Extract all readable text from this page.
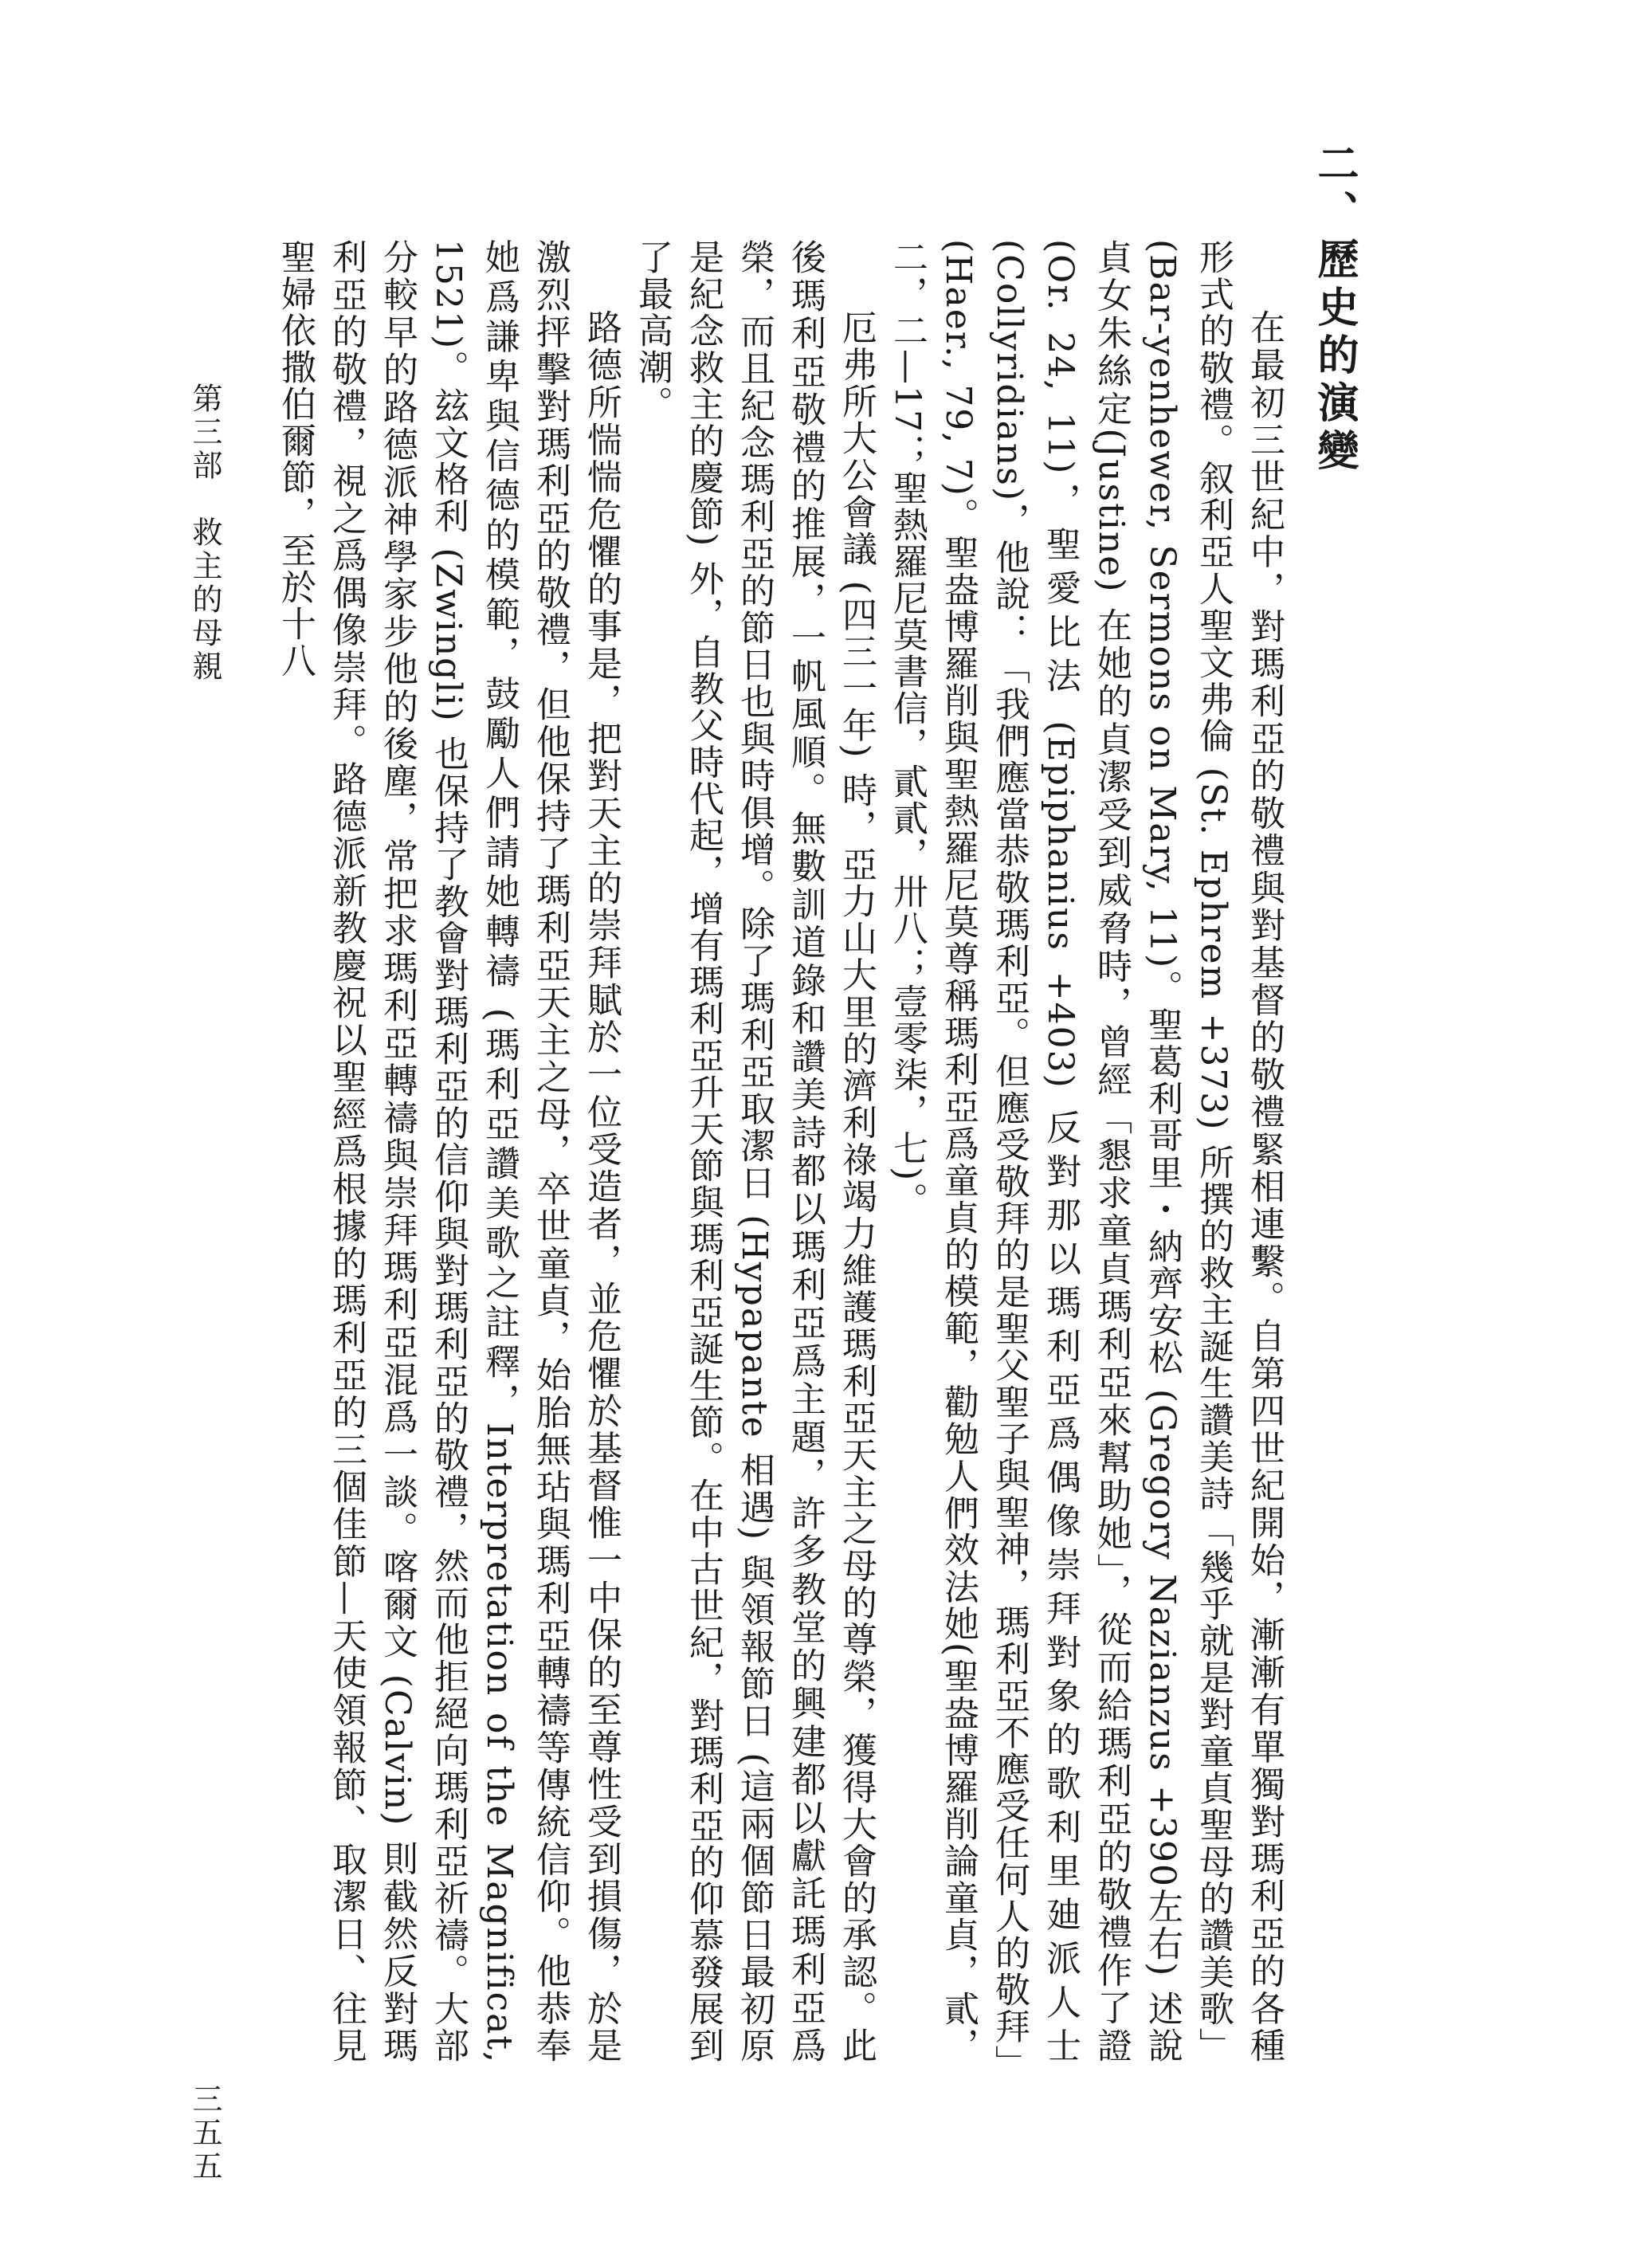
二、歷史的演變

在最初三世紀中，對瑪利亞的敬禮與對基督的敬禮緊相連繫。自第四世紀開始，漸漸有單獨對瑪利亞的各種形式的敬禮。叙利亞人聖文弗倫 (St. Ephrem +373) 所撰的救主誕生讚美詩「幾乎就是對童貞聖母的讚美歌」(Bar-yenhewer, Sermons on Mary, 11)。聖葛利哥里・納齊安松 (Gregory Nazianzus +390左右) 述說貞女朱絲定(Justine) 在她的貞潔受到威脅時，曾經「懇求童貞瑪利亞來幫助她」，從而給瑪利亞的敬禮作了證 (Or. 24, 11)，聖愛比法 (Epiphanius +403) 反對那以瑪利亞爲偶像崇拜對象的歌利里廸派人士 (Collyridians)，他說：「我們應當恭敬瑪利亞。但應受敬拜的是聖父聖子與聖神，瑪利亞不應受任何人的敬拜」(Haer., 79, 7)。聖盎博羅削與聖熱羅尼莫尊稱瑪利亞爲童貞的模範，勸勉人們效法她(聖盎博羅削論童貞，貳，二，二—17；聖熱羅尼莫書信，貳貳，卅八；壹零柒，七)。

厄弗所大公會議 (四三一年) 時，亞力山大里的濟利祿竭力維護瑪利亞天主之母的尊榮，獲得大會的承認。此後瑪利亞敬禮的推展，一帆風順。無數訓道錄和讚美詩都以瑪利亞爲主題，許多教堂的興建都以獻託瑪利亞爲榮，而且紀念瑪利亞的節日也與時俱增。除了瑪利亞取潔日 (Hypapante 相遇) 與領報節日 (這兩個節日最初原是紀念救主的慶節) 外，自教父時代起，增有瑪利亞升天節與瑪利亞誕生節。在中古世紀，對瑪利亞的仰慕發展到了最高潮。

路德所惴惴危懼的事是，把對天主的崇拜賦於一位受造者，並危懼於基督惟一中保的至尊性受到損傷，於是激烈抨擊對瑪利亞的敬禮，但他保持了瑪利亞天主之母，卒世童貞，始胎無玷與瑪利亞轉禱等傳統信仰。他恭奉她爲謙卑與信德的模範，鼓勵人們請她轉禱 (瑪利亞讚美歌之註釋，Interpretation of the Magnificat, 1521)。玆文格利 (Zwingli) 也保持了教會對瑪利亞的信仰與對瑪利亞的敬禮，然而他拒絕向瑪利亞祈禱。大部分較早的路德派神學家步他的後塵，常把求瑪利亞轉禱與崇拜瑪利亞混爲一談。喀爾文 (Calvin) 則截然反對瑪利亞的敬禮，視之爲偶像崇拜。路德派新教慶祝以聖經爲根據的瑪利亞的三個佳節—天使領報節、取潔日、往見聖婦依撒伯爾節，至於十八

第三部　救主的母親
三五五
